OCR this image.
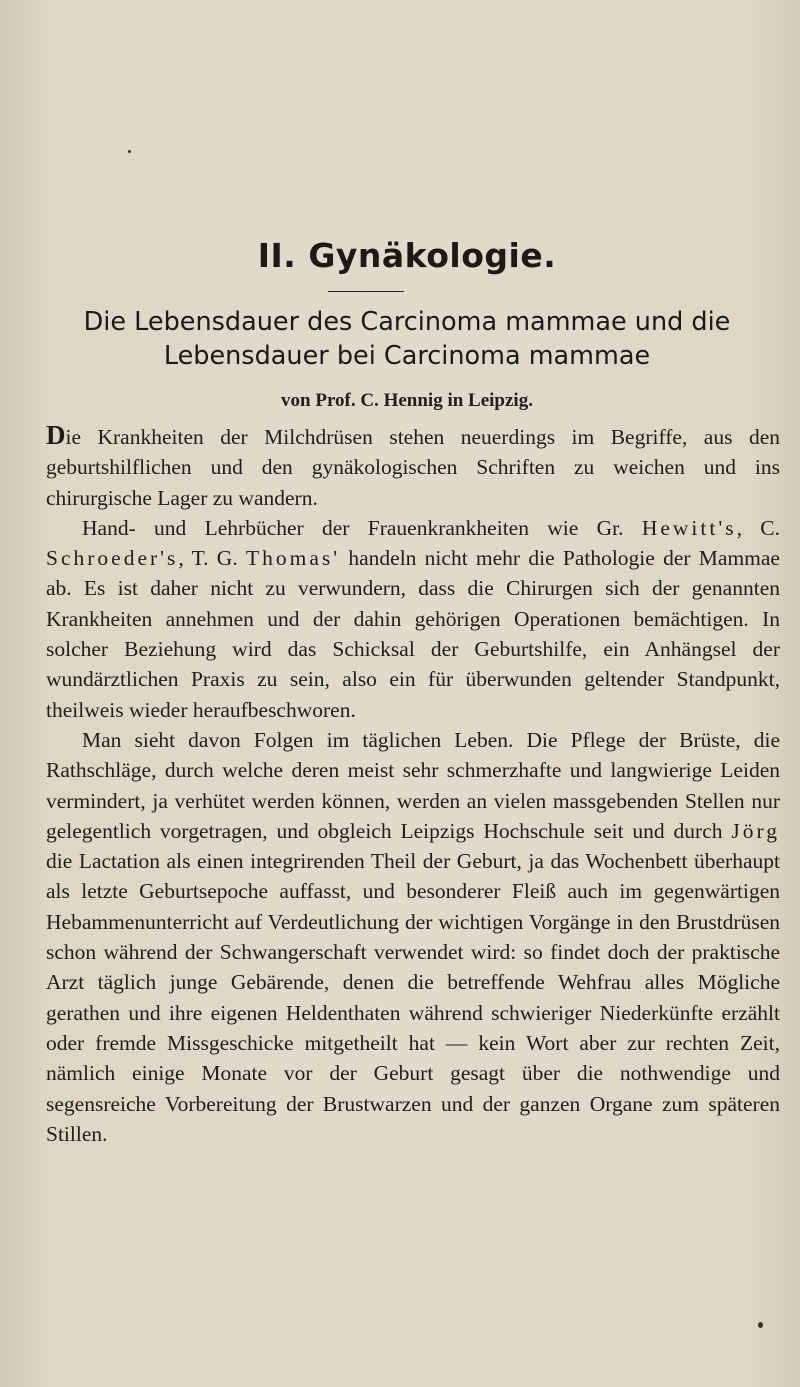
II. Gynäkologie.
Die Lebensdauer des Carcinoma mammae und die
Lebensdauer bei Carcinoma mammae
von Prof. C. Hennig in Leipzig.

Die Krankheiten der Milchdrüsen stehen neuerdings im Begriffe, aus den geburtshilflichen und den gynäkologischen Schriften zu weichen und ins chirurgische Lager zu wandern.

Hand- und Lehrbücher der Frauenkrankheiten wie Gr. Hewitt's, C. Schroeder's, T. G. Thomas' handeln nicht mehr die Pathologie der Mammae ab. Es ist daher nicht zu verwundern, dass die Chirurgen sich der genannten Krankheiten annehmen und der dahin gehörigen Operationen bemächtigen. In solcher Beziehung wird das Schicksal der Geburtshilfe, ein Anhängsel der wundärztlichen Praxis zu sein, also ein für überwunden geltender Standpunkt, theilweis wieder heraufbeschworen.

Man sieht davon Folgen im täglichen Leben. Die Pflege der Brüste, die Rathschläge, durch welche deren meist sehr schmerzhafte und langwierige Leiden vermindert, ja verhütet werden können, werden an vielen massgebenden Stellen nur gelegentlich vorgetragen, und obgleich Leipzigs Hochschule seit und durch Jörg die Lactation als einen integrirenden Theil der Geburt, ja das Wochenbett überhaupt als letzte Geburtsepoche auffasst, und besonderer Fleiß auch im gegenwärtigen Hebammenunterricht auf Verdeutlichung der wichtigen Vorgänge in den Brustdrüsen schon während der Schwangerschaft verwendet wird: so findet doch der praktische Arzt täglich junge Gebärende, denen die betreffende Wehfrau alles Mögliche gerathen und ihre eigenen Heldenthaten während schwieriger Niederkünfte erzählt oder fremde Missgeschicke mitgetheilt hat — kein Wort aber zur rechten Zeit, nämlich einige Monate vor der Geburt gesagt über die nothwendige und segensreiche Vorbereitung der Brustwarzen und der ganzen Organe zum späteren Stillen.
